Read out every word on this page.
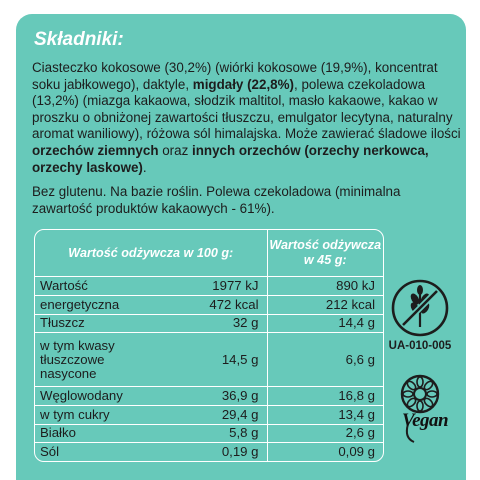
Składniki:

Ciasteczko kokosowe (30,2%) (wiórki kokosowe (19,9%), koncentrat soku jabłkowego), daktyle, migdały (22,8%), polewa czekoladowa (13,2%) (miazga kakaowa, słodzik maltitol, masło kakaowe, kakao w proszku o obniżonej zawartości tłuszczu, emulgator lecytyna, naturalny aromat waniliowy), różowa sól himalajska. Może zawierać śladowe ilości orzechów ziemnych oraz innych orzechów (orzechy nerkowca, orzechy laskowe).

Bez glutenu. Na bazie roślin. Polewa czekoladowa (minimalna zawartość produktów kakaowych - 61%).

Wartość odżywcza w 100 g:		Wartość odżywcza w 45 g:
Wartość	1977 kJ	890 kJ
energetyczna	472 kcal	212 kcal
Tłuszcz	32 g	14,4 g
w tym kwasy tłuszczowe nasycone	14,5 g	6,6 g
Węglowodany	36,9 g	16,8 g
w tym cukry	29,4 g	13,4 g
Białko	5,8 g	2,6 g
Sól	0,19 g	0,09 g
UA-010-005
Vegan
